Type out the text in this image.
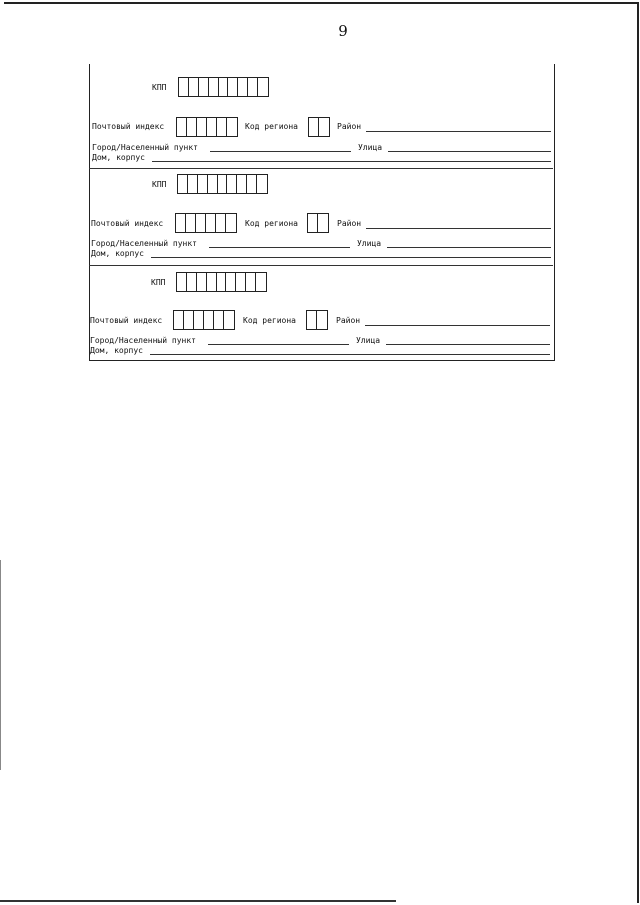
9
КПП
Почтовый индекс	Код региона	Район
Город/Населенный пункт	Улица
Дом, корпус
КПП
Почтовый индекс	Код региона	Район
Город/Населенный пункт	Улица
Дом, корпус
КПП
Почтовый индекс	Код региона	Район
Город/Населенный пункт	Улица
Дом, корпус
